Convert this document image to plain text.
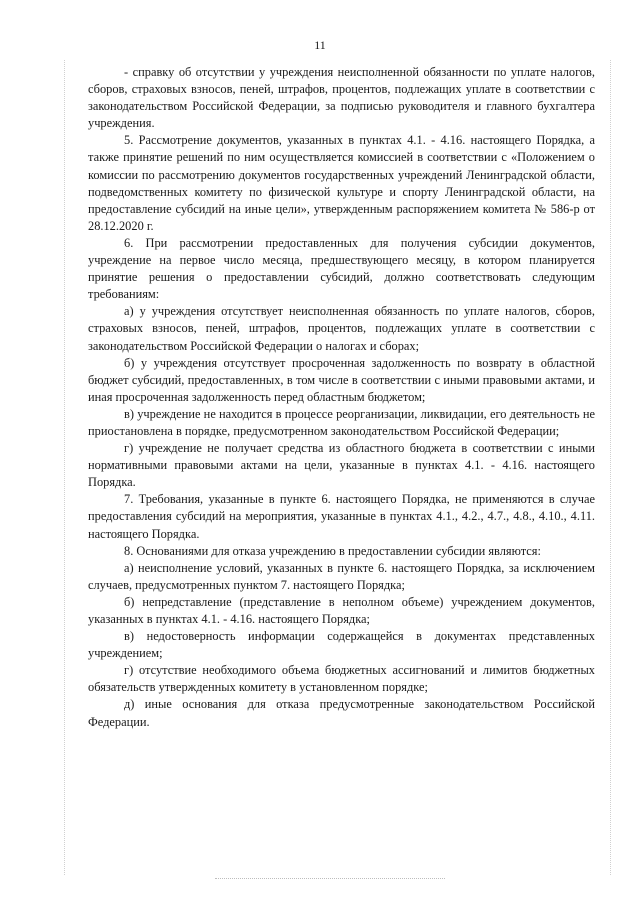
11

- справку об отсутствии у учреждения неисполненной обязанности по уплате налогов, сборов, страховых взносов, пеней, штрафов, процентов, подлежащих уплате в соответствии с законодательством Российской Федерации, за подписью руководителя и главного бухгалтера учреждения.

5. Рассмотрение документов, указанных в пунктах 4.1. - 4.16. настоящего Порядка, а также принятие решений по ним осуществляется комиссией в соответствии с «Положением о комиссии по рассмотрению документов государственных учреждений Ленинградской области, подведомственных комитету по физической культуре и спорту Ленинградской области, на предоставление субсидий на иные цели», утвержденным распоряжением комитета № 586-р от 28.12.2020 г.

6. При рассмотрении предоставленных для получения субсидии документов, учреждение на первое число месяца, предшествующего месяцу, в котором планируется принятие решения о предоставлении субсидий, должно соответствовать следующим требованиям:

а) у учреждения отсутствует неисполненная обязанность по уплате налогов, сборов, страховых взносов, пеней, штрафов, процентов, подлежащих уплате в соответствии с законодательством Российской Федерации о налогах и сборах;

б) у учреждения отсутствует просроченная задолженность по возврату в областной бюджет субсидий, предоставленных, в том числе в соответствии с иными правовыми актами, и иная просроченная задолженность перед областным бюджетом;

в) учреждение не находится в процессе реорганизации, ликвидации, его деятельность не приостановлена в порядке, предусмотренном законодательством Российской Федерации;

г) учреждение не получает средства из областного бюджета в соответствии с иными нормативными правовыми актами на цели, указанные в пунктах 4.1. - 4.16. настоящего Порядка.

7. Требования, указанные в пункте 6. настоящего Порядка, не применяются в случае предоставления субсидий на мероприятия, указанные в пунктах 4.1., 4.2., 4.7., 4.8., 4.10., 4.11. настоящего Порядка.

8. Основаниями для отказа учреждению в предоставлении субсидии являются:

а) неисполнение условий, указанных в пункте 6. настоящего Порядка, за исключением случаев, предусмотренных пунктом 7. настоящего Порядка;

б) непредставление (представление в неполном объеме) учреждением документов, указанных в пунктах 4.1. - 4.16. настоящего Порядка;

в) недостоверность информации содержащейся в документах представленных учреждением;

г) отсутствие необходимого объема бюджетных ассигнований и лимитов бюджетных обязательств утвержденных комитету в установленном порядке;

д) иные основания для отказа предусмотренные законодательством Российской Федерации.
